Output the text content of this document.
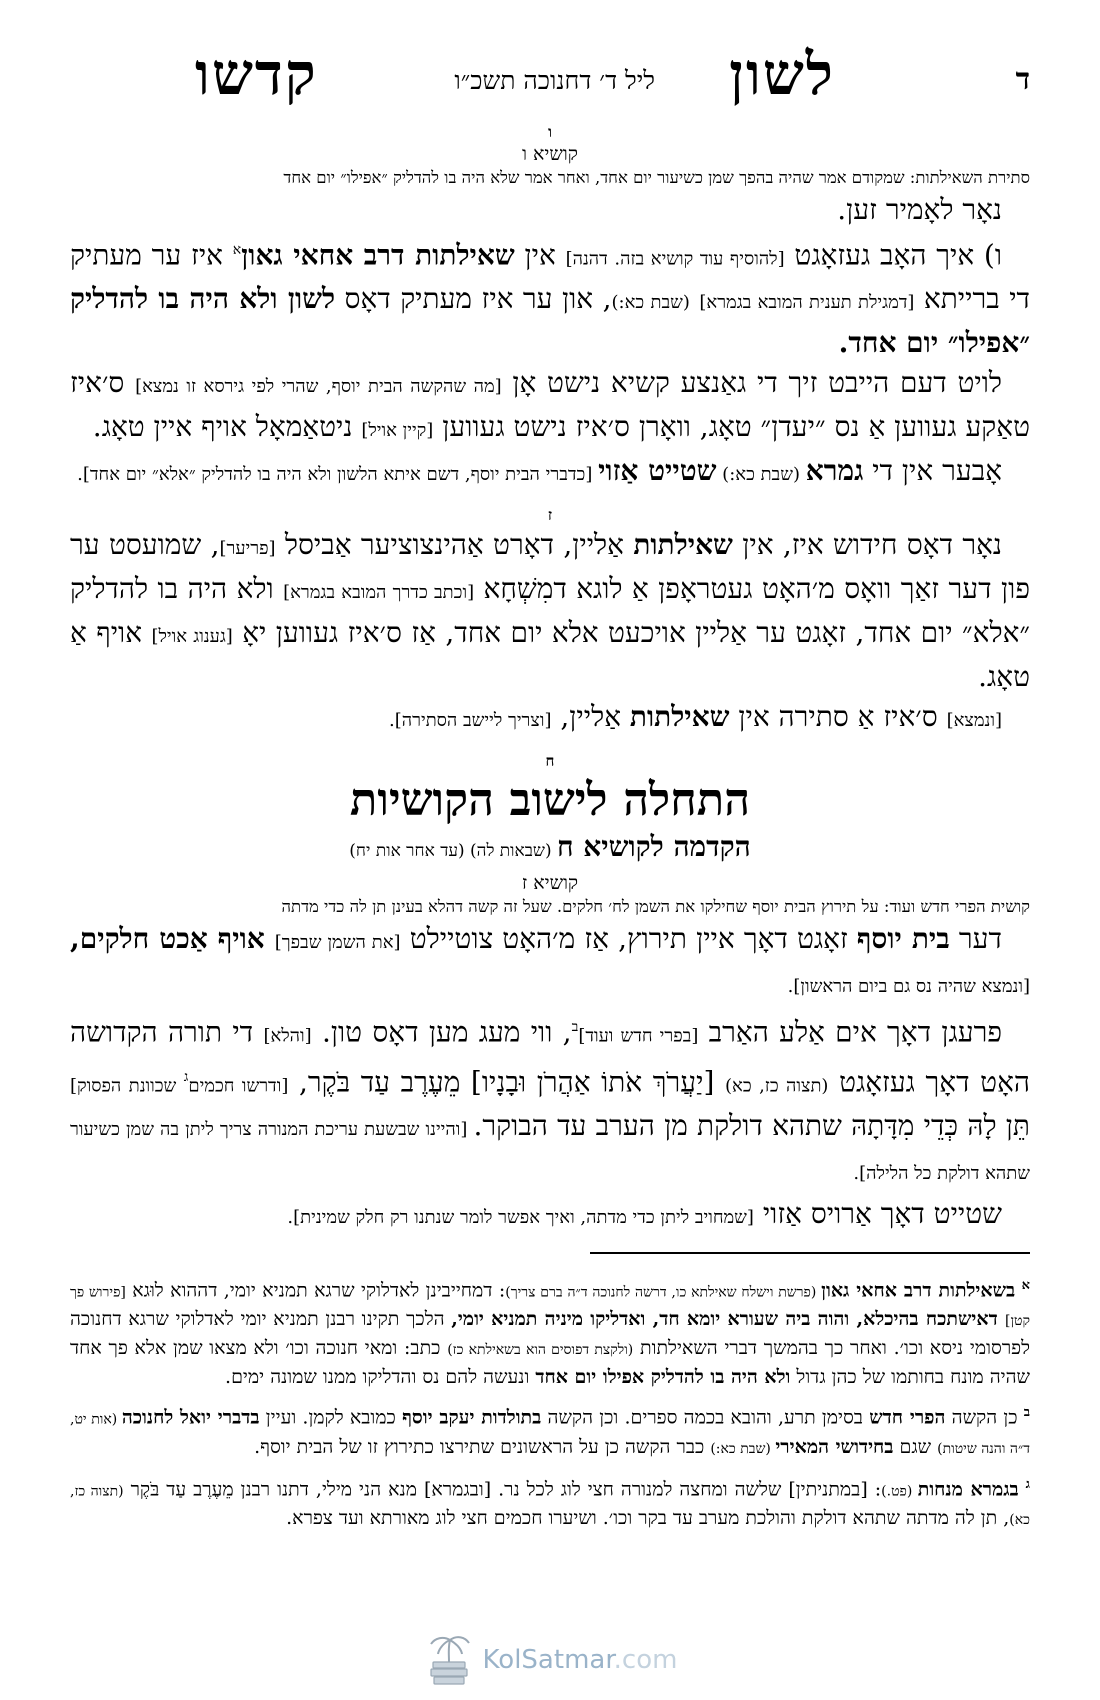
ד
לשון
ליל ד׳ דחנוכה תשכ״ו
קדשו
ו
קושיא ו
סתירת השאילתות: שמקודם אמר שהיה בהפך שמן כשיעור יום אחד, ואחר אמר שלא היה בו להדליק ״אפילו״ יום אחד

נאָר לאָמיר זען.

ו) איך האָב געזאָגט [להוסיף עוד קושיא בזה. דהנה] אין שאילתות דרב אחאי גאון$^א$ איז ער מעתיק די ברייתא [דמגילת תענית המובא בגמרא] (שבת כא:), און ער איז מעתיק דאָס לשון ולא היה בו להדליק ״אפילו״ יום אחד.

לויט דעם הייבט זיך די גאַנצע קשיא נישט אָן [מה שהקשה הבית יוסף, שהרי לפי גירסא זו נמצא] ס׳איז טאַקע געווען אַ נס ״יעדן״ טאָג, וואָרן ס׳איז נישט געווען [קיין אויל] ניטאַמאָל אויף איין טאָג.

אָבער אין די גמרא (שבת כא:) שטייט אַזוי [כדברי הבית יוסף, דשם איתא הלשון ולא היה בו להדליק ״אלא״ יום אחד].

ז

נאָר דאָס חידוש איז, אין שאילתות אַליין, דאָרט אַהינצוציער אַביסל [פריער], שמועסט ער פון דער זאַך וואָס מ׳האָט געטראָפן אַ לוגא דמִשְׁחָא [וכתב כדרך המובא בגמרא] ולא היה בו להדליק ״אלא״ יום אחד, זאָגט ער אַליין אויכעט אלא יום אחד, אַז ס׳איז געווען יאָ [גענוג אויל] אויף אַ טאָג.

[ונמצא] ס׳איז אַ סתירה אין שאילתות אַליין, [וצריך ליישב הסתירה].

ח
התחלה לישוב הקושיות
הקדמה לקושיא ח (שבאות לה) (עד אחר אות יח)
קושיא ז
קושית הפרי חדש ועוד: על תירוץ הבית יוסף שחילקו את השמן לח׳ חלקים. שעל זה קשה דהלא בעינן תן לה כדי מדתה

דער בית יוסף זאָגט דאָך איין תירוץ, אַז מ׳האָט צוטיילט [את השמן שבפך] אויף אַכט חלקים, [ונמצא שהיה נס גם ביום הראשון].

פרעגן דאָך אים אַלע האַרב [בפרי חדש ועוד]$^ב$, ווי מעג מען דאָס טון. [והלא] די תורה הקדושה האָט דאָך געזאָגט (תצוה כז, כא) [יַעֲרֹךְ אֹתוֹ אַהֲרֹן וּבָנָיו] מֵעֶרֶב עַד בֹּקֶר, [ודרשו חכמים$^ג$ שכוונת הפסוק] תֵּן לָהּ כְּדֵי מִדָּתָהּ שתהא דולקת מן הערב עד הבוקר. [והיינו שבשעת עריכת המנורה צריך ליתן בה שמן כשיעור שתהא דולקת כל הלילה].

שטייט דאָך אַרויס אַזוי [שמחויב ליתן כדי מדתה, ואיך אפשר לומר שנתנו רק חלק שמינית].

$^א$ בשאילתות דרב אחאי גאון (פרשת וישלח שאילתא כו, דרשה לחנוכה ד״ה ברם צריך): דמחייבינן לאדלוקי שרגא תמניא יומי, דההוא לוּגא [פירוש פך קטן] דאישתכח בהיכלא, והוה ביה שעורא יומא חד, ואדליקו מיניה תמניא יומי, הלכך תקינו רבנן תמניא יומי לאדלוקי שרגא דחנוכה לפרסומי ניסא וכו׳. ואחר כך בהמשך דברי השאילתות (ולקצת דפוסים הוא בשאילתא כז) כתב: ומאי חנוכה וכו׳ ולא מצאו שמן אלא פך אחד שהיה מונח בחותמו של כהן גדול ולא היה בו להדליק אפילו יום אחד ונעשה להם נס והדליקו ממנו שמונה ימים.

$^ב$ כן הקשה הפרי חדש בסימן תרע, והובא בכמה ספרים. וכן הקשה בתולדות יעקב יוסף כמובא לקמן. ועיין בדברי יואל לחנוכה (אות יט, ד״ה והנה שיטות) שגם בחידושי המאירי (שבת כא:) כבר הקשה כן על הראשונים שתירצו כתירוץ זו של הבית יוסף.

$^ג$ בגמרא מנחות (פט.): [במתניתין] שלשה ומחצה למנורה חצי לוג לכל נר. [ובגמרא] מנא הני מילי, דתנו רבנן מֵעֶרֶב עַד בֹּקֶר (תצוה כז, כא), תן לה מדתה שתהא דולקת והולכת מערב עד בקר וכו׳. ושיערו חכמים חצי לוג מאורתא ועד צפרא.

KolSatmar.com
